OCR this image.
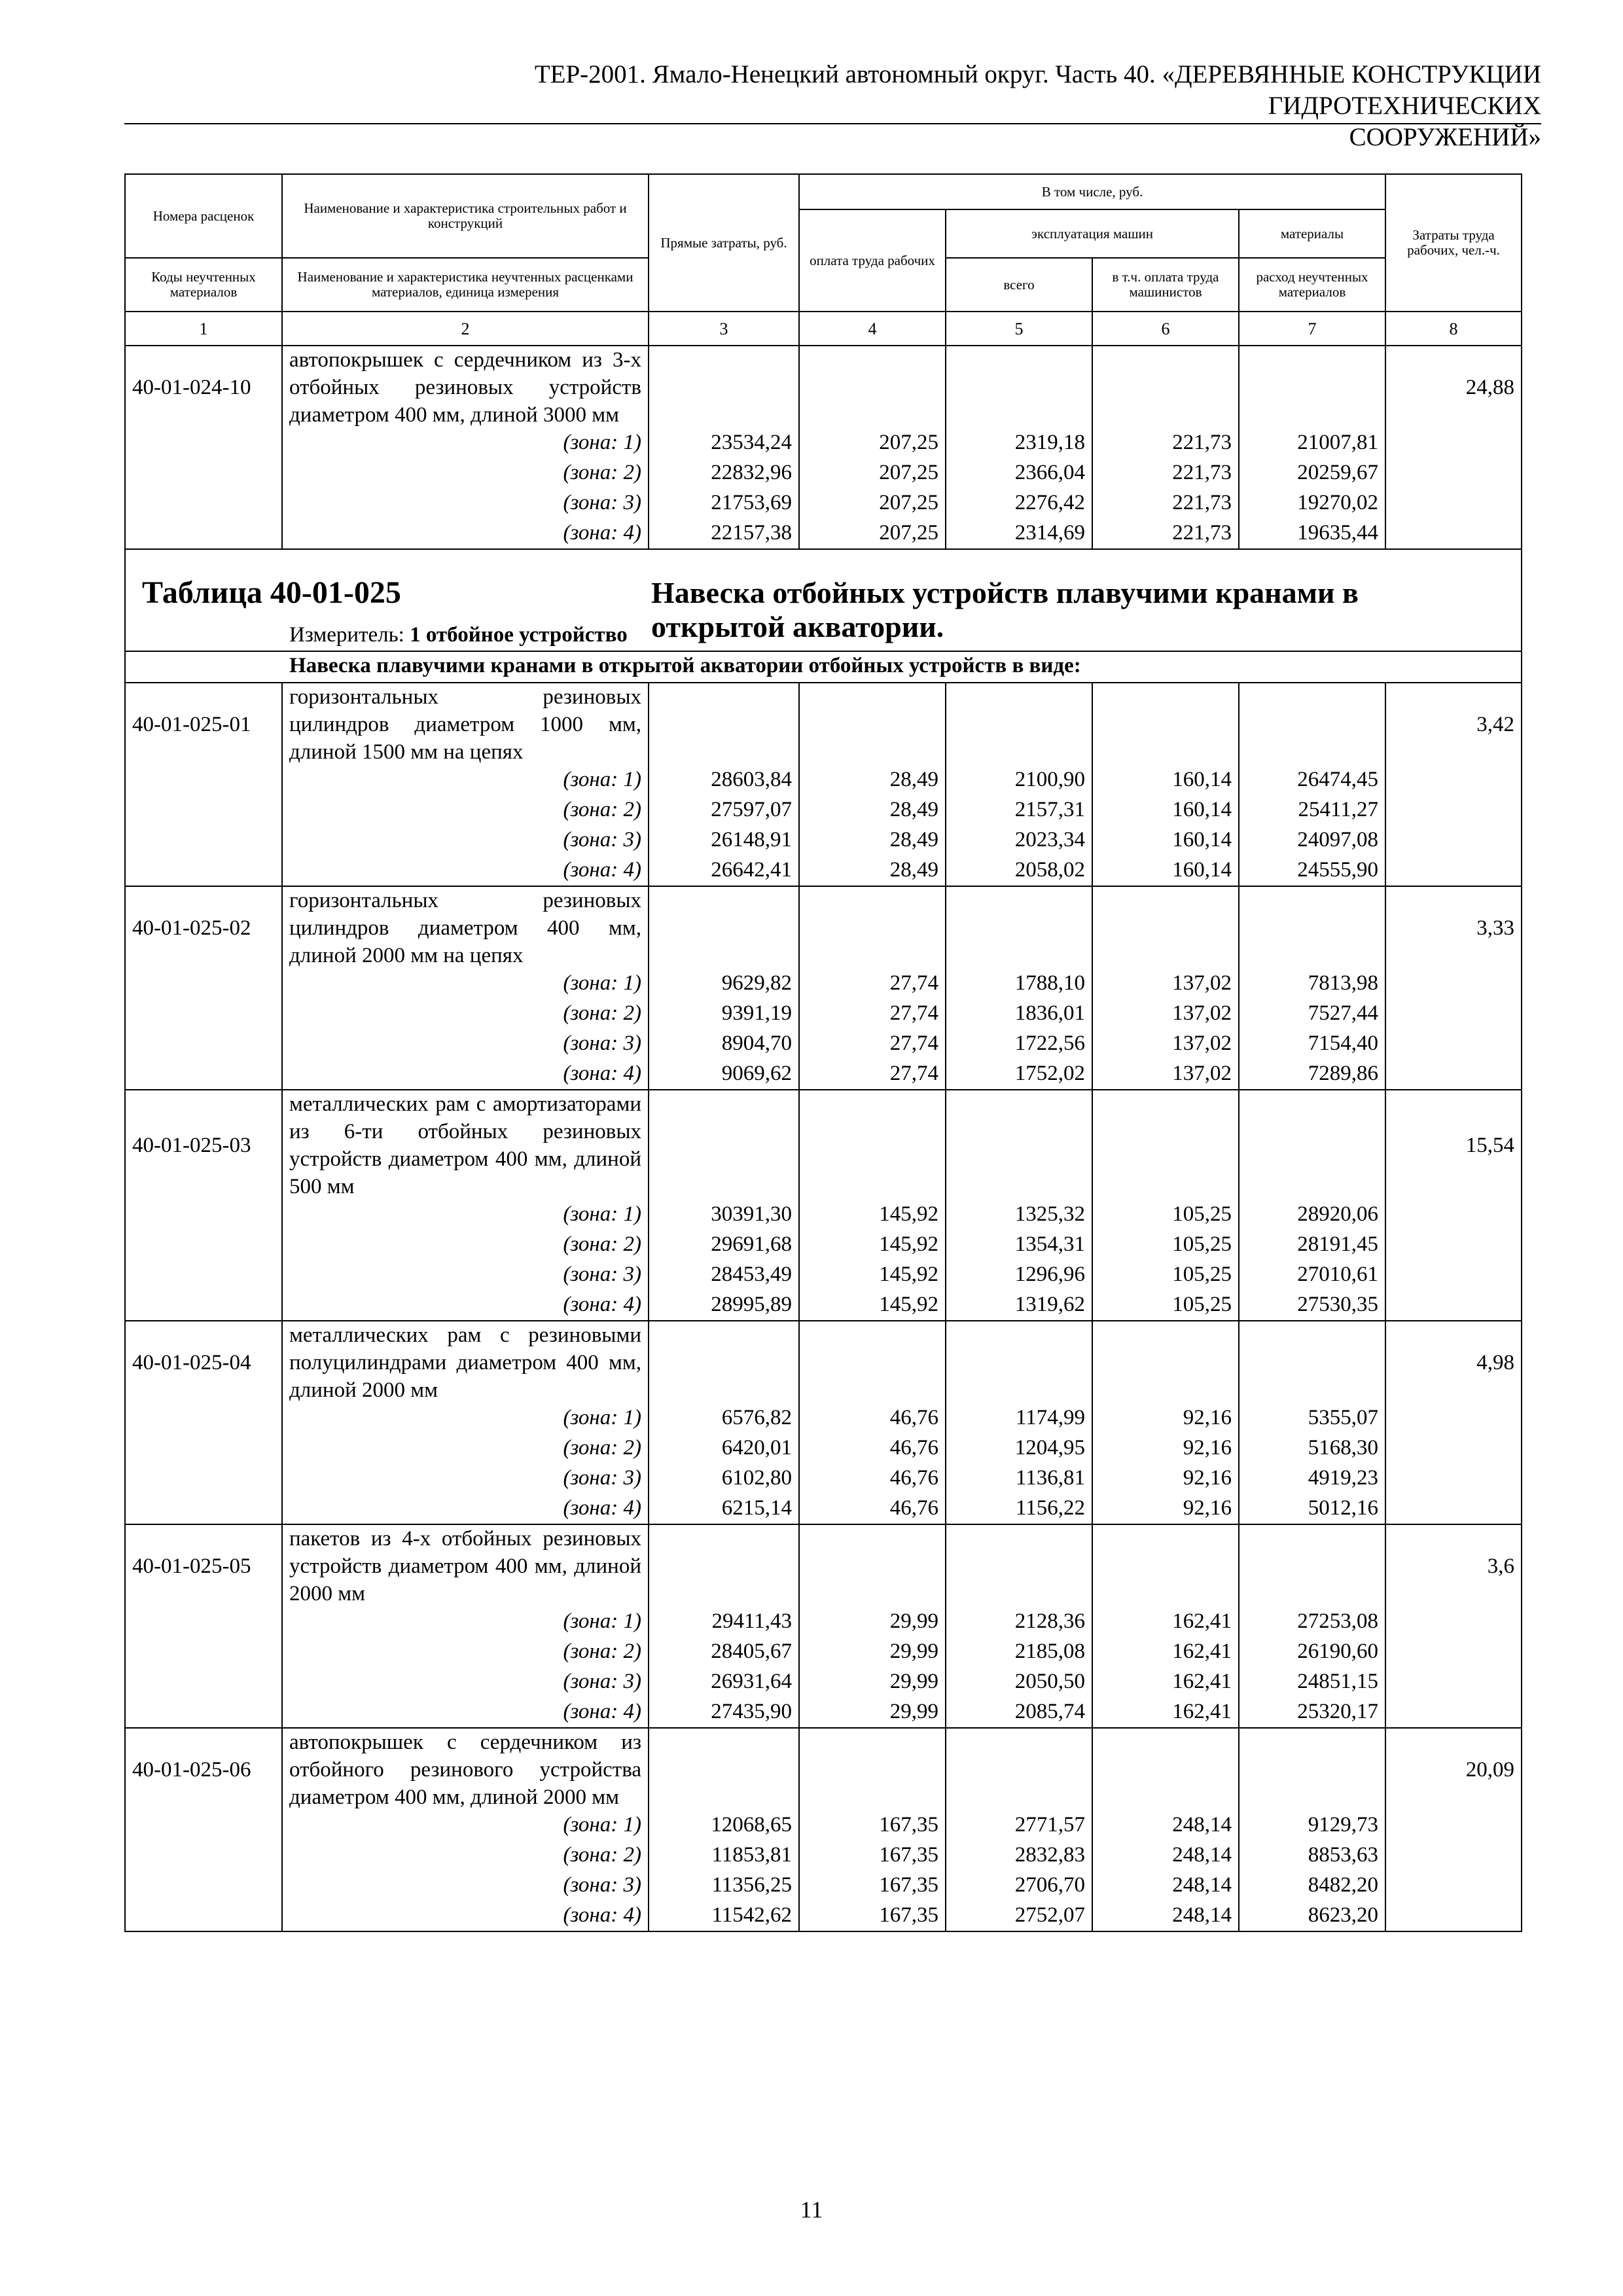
ТЕР-2001. Ямало-Ненецкий автономный округ. Часть 40. «ДЕРЕВЯННЫЕ КОНСТРУКЦИИ ГИДРОТЕХНИЧЕСКИХ
СООРУЖЕНИЙ»
Номера расценок	Наименование и характеристика строительных работ и конструкций	Прямые затраты, руб.	В том числе, руб.				Затраты труда рабочих, чел.-ч.
			оплата труда рабочих	эксплуатация машин		материалы	
Коды неучтенных материалов	Наименование и характеристика неучтенных расценками материалов, единица измерения			всего	в т.ч. оплата труда машинистов	расход неучтенных материалов	
1	2	3	4	5	6	7	8
40-01-024-10	автопокрышек с сердечником из 3-х отбойных резиновых устройств диаметром 400 мм, длиной 3000 мм						24,88
	(зона: 1)	23534,24	207,25	2319,18	221,73	21007,81	
	(зона: 2)	22832,96	207,25	2366,04	221,73	20259,67	
	(зона: 3)	21753,69	207,25	2276,42	221,73	19270,02	
	(зона: 4)	22157,38	207,25	2314,69	221,73	19635,44	

Таблица 40-01-025 Навеска отбойных устройств плавучими кранами в открытой акватории.							

Измеритель: 1 отбойное устройство							
Навеска плавучими кранами в открытой акватории отбойных устройств в виде:							
40-01-025-01	горизонтальных резиновых цилиндров диаметром 1000 мм, длиной 1500 мм на цепях						3,42
	(зона: 1)	28603,84	28,49	2100,90	160,14	26474,45	
	(зона: 2)	27597,07	28,49	2157,31	160,14	25411,27	
	(зона: 3)	26148,91	28,49	2023,34	160,14	24097,08	
	(зона: 4)	26642,41	28,49	2058,02	160,14	24555,90	
40-01-025-02	горизонтальных резиновых цилиндров диаметром 400 мм, длиной 2000 мм на цепях						3,33
	(зона: 1)	9629,82	27,74	1788,10	137,02	7813,98	
	(зона: 2)	9391,19	27,74	1836,01	137,02	7527,44	
	(зона: 3)	8904,70	27,74	1722,56	137,02	7154,40	
	(зона: 4)	9069,62	27,74	1752,02	137,02	7289,86	
40-01-025-03	металлических рам с амортизаторами из 6-ти отбойных резиновых устройств диаметром 400 мм, длиной 500 мм						15,54
	(зона: 1)	30391,30	145,92	1325,32	105,25	28920,06	
	(зона: 2)	29691,68	145,92	1354,31	105,25	28191,45	
	(зона: 3)	28453,49	145,92	1296,96	105,25	27010,61	
	(зона: 4)	28995,89	145,92	1319,62	105,25	27530,35	
40-01-025-04	металлических рам с резиновыми полуцилиндрами диаметром 400 мм, длиной 2000 мм						4,98
	(зона: 1)	6576,82	46,76	1174,99	92,16	5355,07	
	(зона: 2)	6420,01	46,76	1204,95	92,16	5168,30	
	(зона: 3)	6102,80	46,76	1136,81	92,16	4919,23	
	(зона: 4)	6215,14	46,76	1156,22	92,16	5012,16	
40-01-025-05	пакетов из 4-х отбойных резиновых устройств диаметром 400 мм, длиной 2000 мм						3,6
	(зона: 1)	29411,43	29,99	2128,36	162,41	27253,08	
	(зона: 2)	28405,67	29,99	2185,08	162,41	26190,60	
	(зона: 3)	26931,64	29,99	2050,50	162,41	24851,15	
	(зона: 4)	27435,90	29,99	2085,74	162,41	25320,17	
40-01-025-06	автопокрышек с сердечником из отбойного резинового устройства диаметром 400 мм, длиной 2000 мм						20,09
	(зона: 1)	12068,65	167,35	2771,57	248,14	9129,73	
	(зона: 2)	11853,81	167,35	2832,83	248,14	8853,63	
	(зона: 3)	11356,25	167,35	2706,70	248,14	8482,20	
	(зона: 4)	11542,62	167,35	2752,07	248,14	8623,20	
11
